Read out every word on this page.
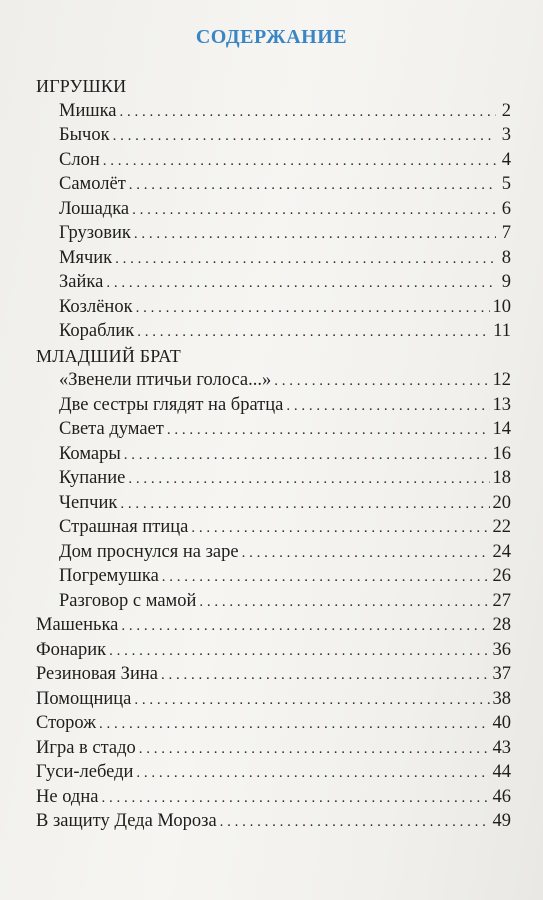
СОДЕРЖАНИЕ
ИГРУШКИ
Мишка . . .	2
Бычок . . .	3
Слон . . .	4
Самолёт . . .	5
Лошадка . . .	6
Грузовик . . .	7
Мячик . . .	8
Зайка . . .	9
Козлёнок . . .	10
Кораблик . . .	11
МЛАДШИЙ БРАТ
«Звенели птичьи голоса...» . . .	12
Две сестры глядят на братца . . .	13
Света думает . . .	14
Комары . . .	16
Купание . . .	18
Чепчик . . .	20
Страшная птица . . .	22
Дом проснулся на заре . . .	24
Погремушка . . .	26
Разговор с мамой . . .	27
Машенька . . .	28
Фонарик . . .	36
Резиновая Зина . . .	37
Помощница . . .	38
Сторож . . .	40
Игра в стадо . . .	43
Гуси-лебеди . . .	44
Не одна . . .	46
В защиту Деда Мороза . . .	49
